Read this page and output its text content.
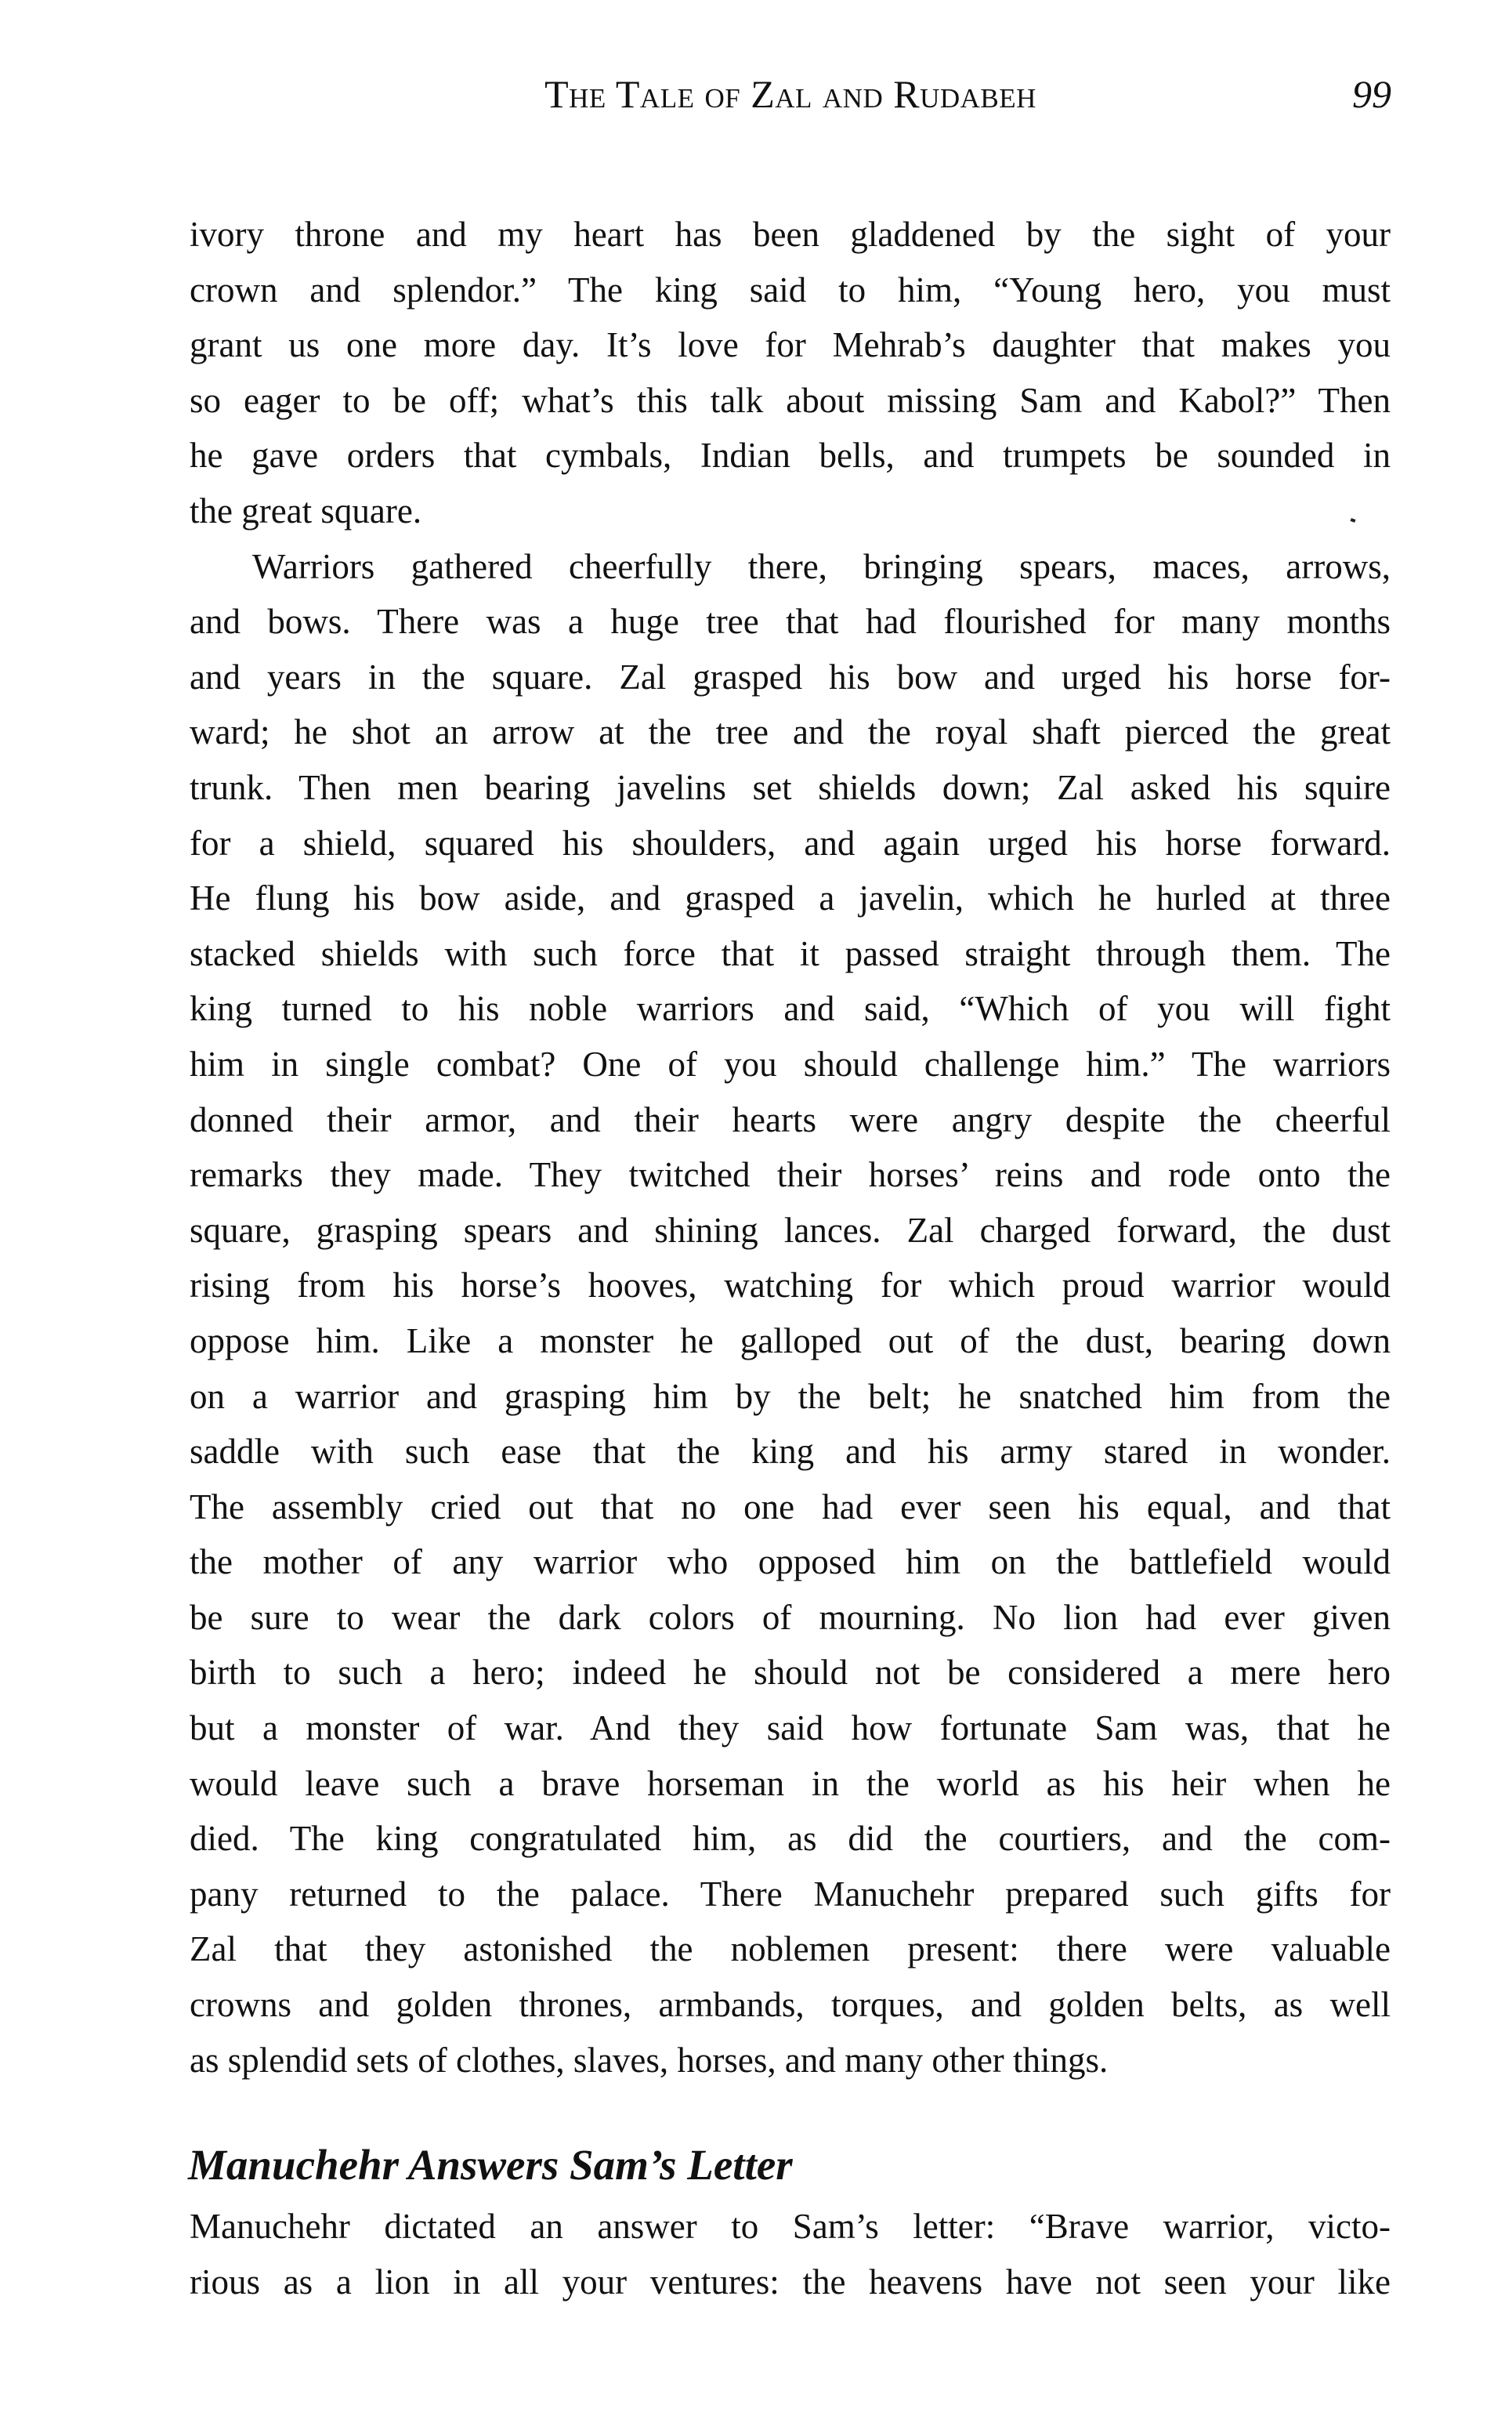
The Tale of Zal and Rudabeh	99
ivory throne and my heart has been gladdened by the sight of your
crown and splendor.” The king said to him, “Young hero, you must
grant us one more day. It’s love for Mehrab’s daughter that makes you
so eager to be off; what’s this talk about missing Sam and Kabol?” Then
he gave orders that cymbals, Indian bells, and trumpets be sounded in
the great square.
Warriors gathered cheerfully there, bringing spears, maces, arrows,
and bows. There was a huge tree that had flourished for many months
and years in the square. Zal grasped his bow and urged his horse for-
ward; he shot an arrow at the tree and the royal shaft pierced the great
trunk. Then men bearing javelins set shields down; Zal asked his squire
for a shield, squared his shoulders, and again urged his horse forward.
He flung his bow aside, and grasped a javelin, which he hurled at three
stacked shields with such force that it passed straight through them. The
king turned to his noble warriors and said, “Which of you will fight
him in single combat? One of you should challenge him.” The warriors
donned their armor, and their hearts were angry despite the cheerful
remarks they made. They twitched their horses’ reins and rode onto the
square, grasping spears and shining lances. Zal charged forward, the dust
rising from his horse’s hooves, watching for which proud warrior would
oppose him. Like a monster he galloped out of the dust, bearing down
on a warrior and grasping him by the belt; he snatched him from the
saddle with such ease that the king and his army stared in wonder.
The assembly cried out that no one had ever seen his equal, and that
the mother of any warrior who opposed him on the battlefield would
be sure to wear the dark colors of mourning. No lion had ever given
birth to such a hero; indeed he should not be considered a mere hero
but a monster of war. And they said how fortunate Sam was, that he
would leave such a brave horseman in the world as his heir when he
died. The king congratulated him, as did the courtiers, and the com-
pany returned to the palace. There Manuchehr prepared such gifts for
Zal that they astonished the noblemen present: there were valuable
crowns and golden thrones, armbands, torques, and golden belts, as well
as splendid sets of clothes, slaves, horses, and many other things.
Manuchehr Answers Sam’s Letter
Manuchehr dictated an answer to Sam’s letter: “Brave warrior, victo-
rious as a lion in all your ventures: the heavens have not seen your like
